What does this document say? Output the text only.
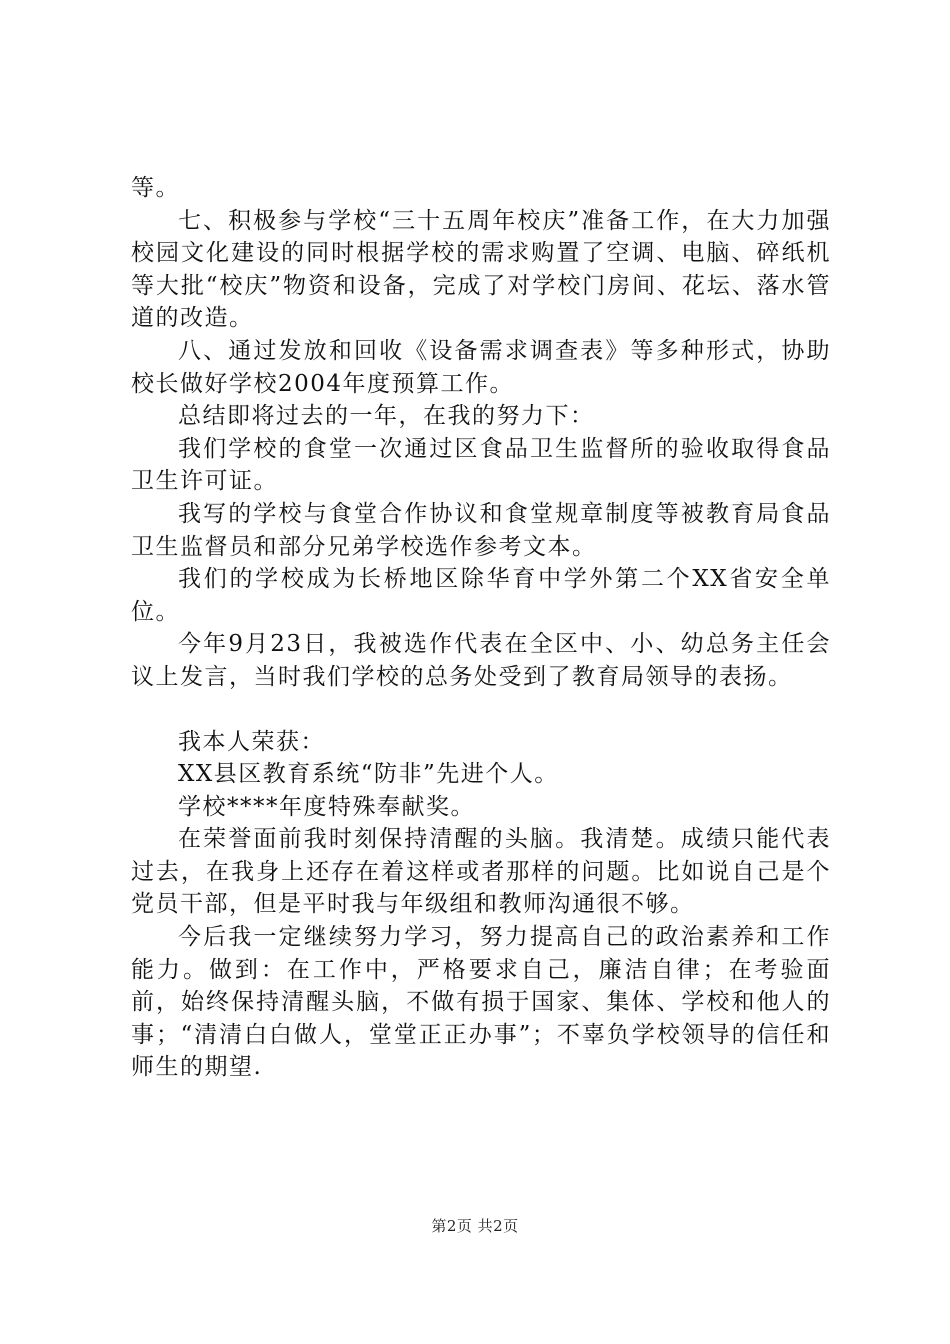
等。

七、积极参与学校“三十五周年校庆”准备工作，在大力加强校园文化建设的同时根据学校的需求购置了空调、电脑、碎纸机等大批“校庆”物资和设备，完成了对学校门房间、花坛、落水管道的改造。

八、通过发放和回收《设备需求调查表》等多种形式，协助校长做好学校2004年度预算工作。

总结即将过去的一年，在我的努力下：

我们学校的食堂一次通过区食品卫生监督所的验收取得食品卫生许可证。

我写的学校与食堂合作协议和食堂规章制度等被教育局食品卫生监督员和部分兄弟学校选作参考文本。

我们的学校成为长桥地区除华育中学外第二个XX省安全单位。

今年9月23日，我被选作代表在全区中、小、幼总务主任会议上发言，当时我们学校的总务处受到了教育局领导的表扬。

我本人荣获：

XX县区教育系统“防非”先进个人。

学校****年度特殊奉献奖。

在荣誉面前我时刻保持清醒的头脑。我清楚。成绩只能代表过去，在我身上还存在着这样或者那样的问题。比如说自己是个党员干部，但是平时我与年级组和教师沟通很不够。

今后我一定继续努力学习，努力提高自己的政治素养和工作能力。做到：在工作中，严格要求自己，廉洁自律；在考验面前，始终保持清醒头脑，不做有损于国家、集体、学校和他人的事；“清清白白做人，堂堂正正办事”；不辜负学校领导的信任和师生的期望.

第2页 共2页
